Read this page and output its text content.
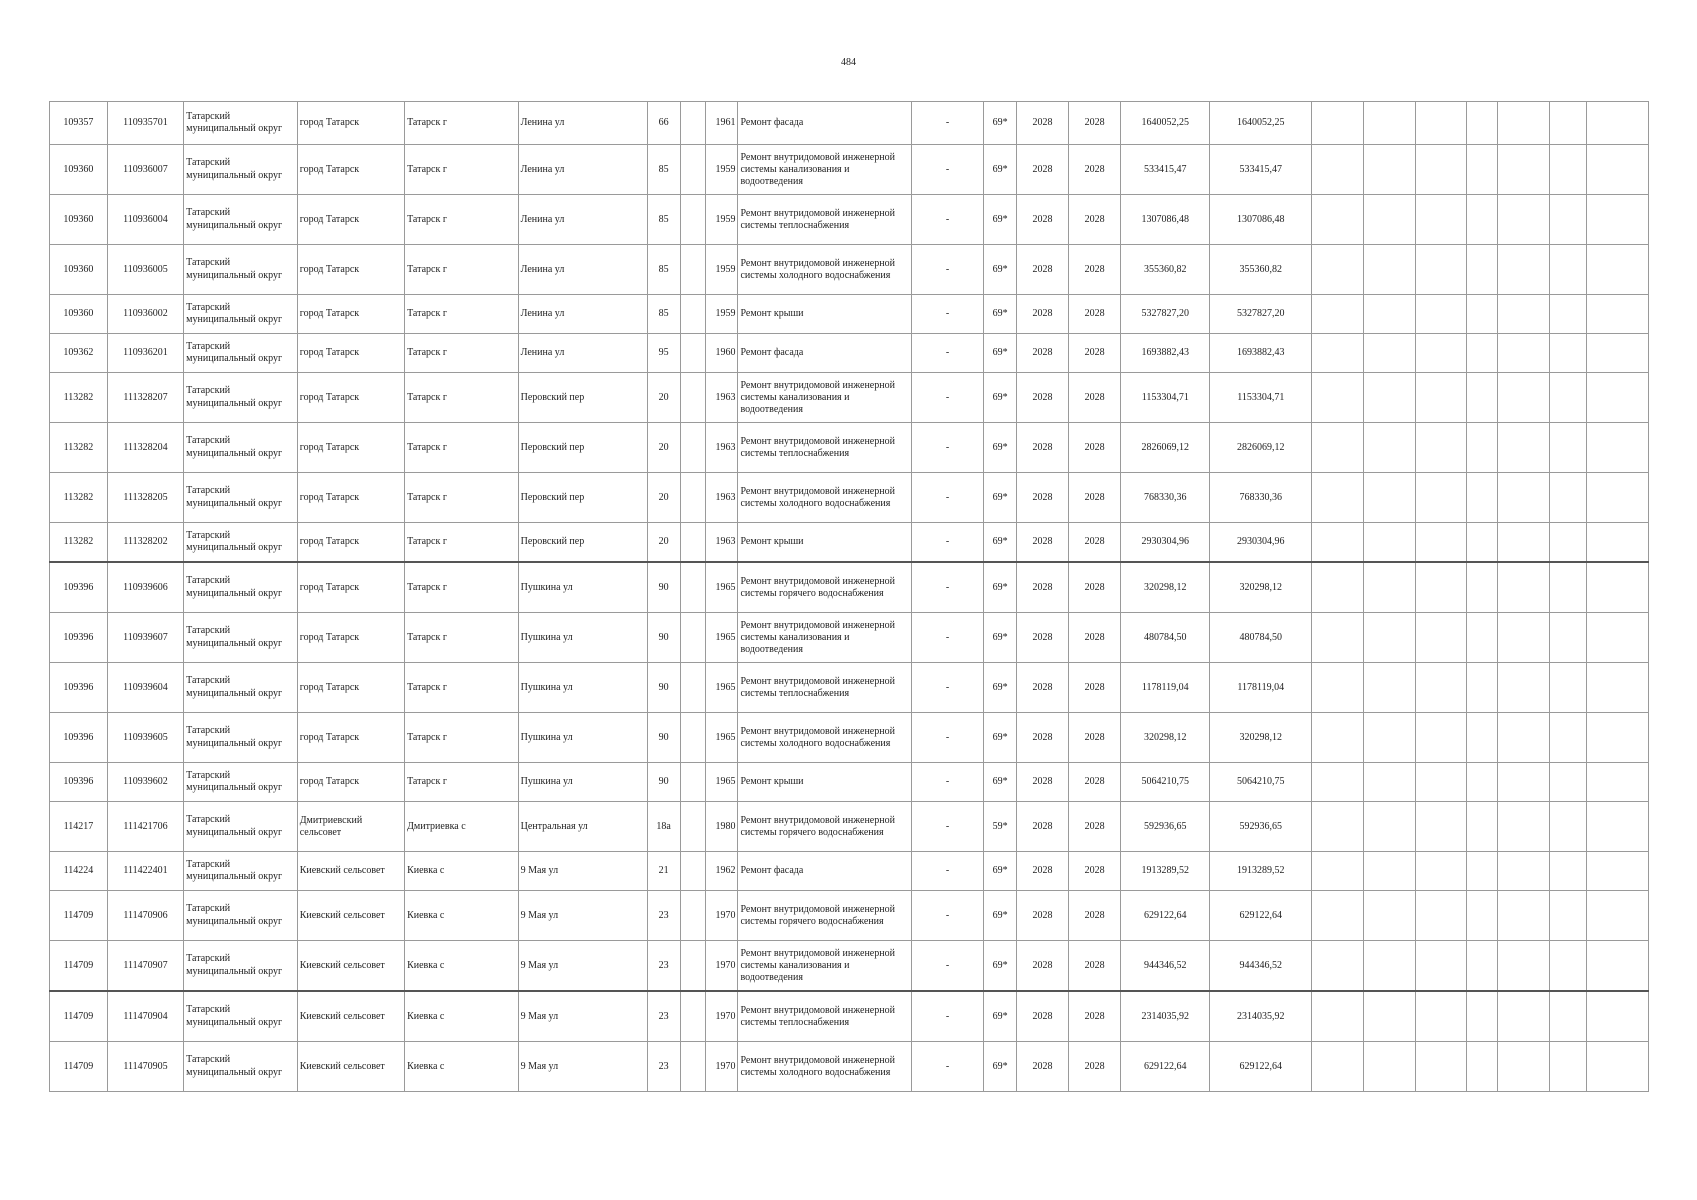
484
109357	110935701	Татарский муниципальный округ	город Татарск	Татарск г	Ленина ул	66		1961	Ремонт фасада	-	69*	2028	2028	1640052,25	1640052,25							
109360	110936007	Татарский муниципальный округ	город Татарск	Татарск г	Ленина ул	85		1959	Ремонт внутридомовой инженерной системы канализования и водоотведения	-	69*	2028	2028	533415,47	533415,47							
109360	110936004	Татарский муниципальный округ	город Татарск	Татарск г	Ленина ул	85		1959	Ремонт внутридомовой инженерной системы теплоснабжения	-	69*	2028	2028	1307086,48	1307086,48							
109360	110936005	Татарский муниципальный округ	город Татарск	Татарск г	Ленина ул	85		1959	Ремонт внутридомовой инженерной системы холодного водоснабжения	-	69*	2028	2028	355360,82	355360,82							
109360	110936002	Татарский муниципальный округ	город Татарск	Татарск г	Ленина ул	85		1959	Ремонт крыши	-	69*	2028	2028	5327827,20	5327827,20							
109362	110936201	Татарский муниципальный округ	город Татарск	Татарск г	Ленина ул	95		1960	Ремонт фасада	-	69*	2028	2028	1693882,43	1693882,43							
113282	111328207	Татарский муниципальный округ	город Татарск	Татарск г	Перовский пер	20		1963	Ремонт внутридомовой инженерной системы канализования и водоотведения	-	69*	2028	2028	1153304,71	1153304,71							
113282	111328204	Татарский муниципальный округ	город Татарск	Татарск г	Перовский пер	20		1963	Ремонт внутридомовой инженерной системы теплоснабжения	-	69*	2028	2028	2826069,12	2826069,12							
113282	111328205	Татарский муниципальный округ	город Татарск	Татарск г	Перовский пер	20		1963	Ремонт внутридомовой инженерной системы холодного водоснабжения	-	69*	2028	2028	768330,36	768330,36							
113282	111328202	Татарский муниципальный округ	город Татарск	Татарск г	Перовский пер	20		1963	Ремонт крыши	-	69*	2028	2028	2930304,96	2930304,96							
109396	110939606	Татарский муниципальный округ	город Татарск	Татарск г	Пушкина ул	90		1965	Ремонт внутридомовой инженерной системы горячего водоснабжения	-	69*	2028	2028	320298,12	320298,12							
109396	110939607	Татарский муниципальный округ	город Татарск	Татарск г	Пушкина ул	90		1965	Ремонт внутридомовой инженерной системы канализования и водоотведения	-	69*	2028	2028	480784,50	480784,50							
109396	110939604	Татарский муниципальный округ	город Татарск	Татарск г	Пушкина ул	90		1965	Ремонт внутридомовой инженерной системы теплоснабжения	-	69*	2028	2028	1178119,04	1178119,04							
109396	110939605	Татарский муниципальный округ	город Татарск	Татарск г	Пушкина ул	90		1965	Ремонт внутридомовой инженерной системы холодного водоснабжения	-	69*	2028	2028	320298,12	320298,12							
109396	110939602	Татарский муниципальный округ	город Татарск	Татарск г	Пушкина ул	90		1965	Ремонт крыши	-	69*	2028	2028	5064210,75	5064210,75							
114217	111421706	Татарский муниципальный округ	Дмитриевский сельсовет	Дмитриевка с	Центральная ул	18а		1980	Ремонт внутридомовой инженерной системы горячего водоснабжения	-	59*	2028	2028	592936,65	592936,65							
114224	111422401	Татарский муниципальный округ	Киевский сельсовет	Киевка с	9 Мая ул	21		1962	Ремонт фасада	-	69*	2028	2028	1913289,52	1913289,52							
114709	111470906	Татарский муниципальный округ	Киевский сельсовет	Киевка с	9 Мая ул	23		1970	Ремонт внутридомовой инженерной системы горячего водоснабжения	-	69*	2028	2028	629122,64	629122,64							
114709	111470907	Татарский муниципальный округ	Киевский сельсовет	Киевка с	9 Мая ул	23		1970	Ремонт внутридомовой инженерной системы канализования и водоотведения	-	69*	2028	2028	944346,52	944346,52							
114709	111470904	Татарский муниципальный округ	Киевский сельсовет	Киевка с	9 Мая ул	23		1970	Ремонт внутридомовой инженерной системы теплоснабжения	-	69*	2028	2028	2314035,92	2314035,92							
114709	111470905	Татарский муниципальный округ	Киевский сельсовет	Киевка с	9 Мая ул	23		1970	Ремонт внутридомовой инженерной системы холодного водоснабжения	-	69*	2028	2028	629122,64	629122,64							
